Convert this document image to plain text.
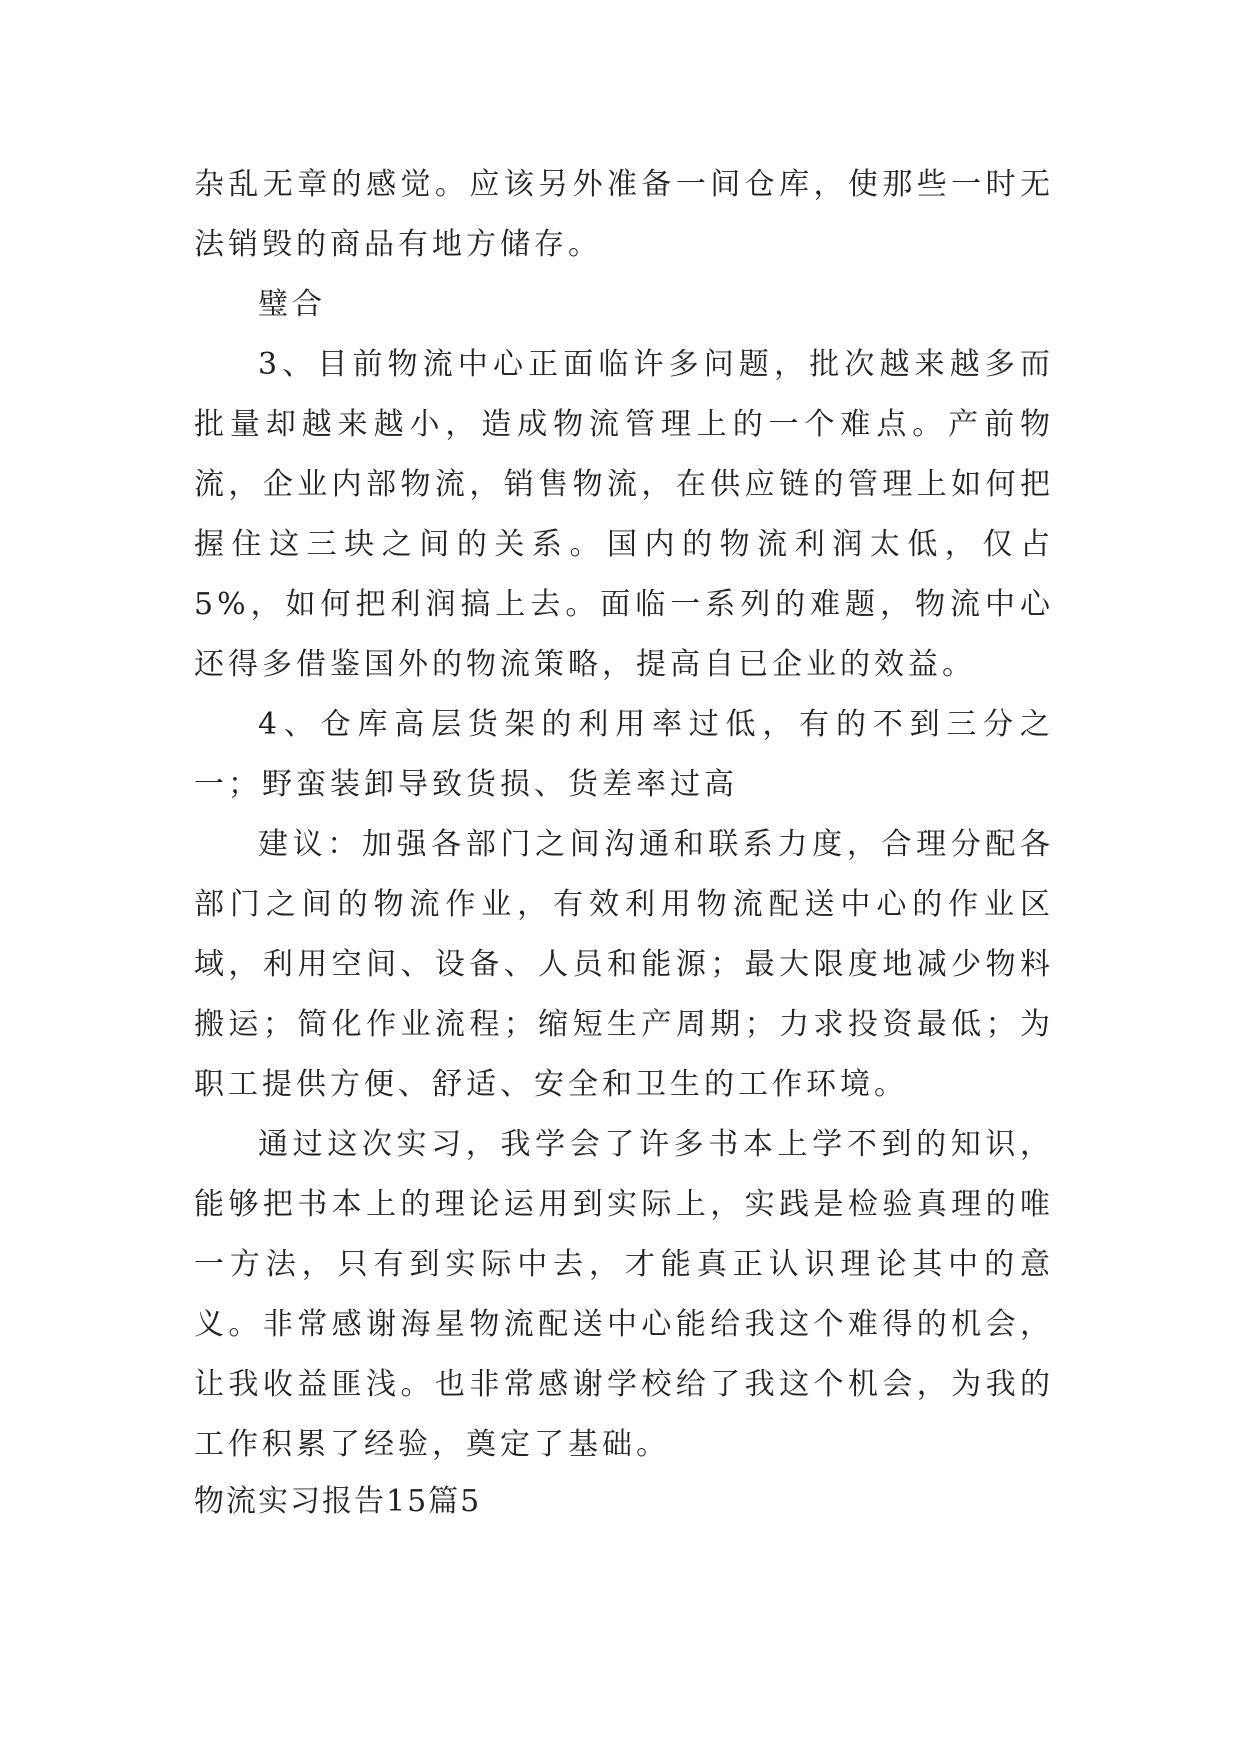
杂乱无章的感觉。应该另外准备一间仓库，使那些一时无法销毁的商品有地方储存。

璧合

3、目前物流中心正面临许多问题，批次越来越多而批量却越来越小，造成物流管理上的一个难点。产前物流，企业内部物流，销售物流，在供应链的管理上如何把握住这三块之间的关系。国内的物流利润太低，仅占5%，如何把利润搞上去。面临一系列的难题，物流中心还得多借鉴国外的物流策略，提高自已企业的效益。

4、仓库高层货架的利用率过低，有的不到三分之一；野蛮装卸导致货损、货差率过高

建议：加强各部门之间沟通和联系力度，合理分配各部门之间的物流作业，有效利用物流配送中心的作业区域，利用空间、设备、人员和能源；最大限度地减少物料搬运；简化作业流程；缩短生产周期；力求投资最低；为职工提供方便、舒适、安全和卫生的工作环境。

通过这次实习，我学会了许多书本上学不到的知识，能够把书本上的理论运用到实际上，实践是检验真理的唯一方法，只有到实际中去，才能真正认识理论其中的意义。非常感谢海星物流配送中心能给我这个难得的机会，让我收益匪浅。也非常感谢学校给了我这个机会，为我的工作积累了经验，奠定了基础。

物流实习报告15篇5
